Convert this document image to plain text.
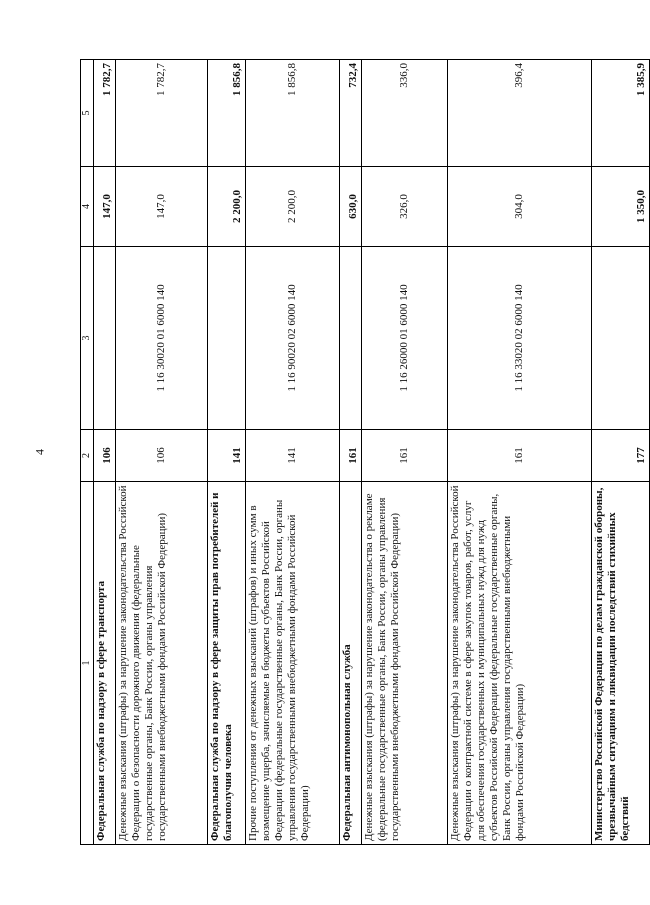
4
1	2	3	4	5
Федеральная служба по надзору в сфере транспорта	106		147,0	1 782,7
Денежные взыскания (штрафы) за нарушение законодательства Российской Федерации о безопасности дорожного движения (федеральные государственные органы, Банк России, органы управления государственными внебюджетными фондами Российской Федерации)	106	1 16 30020 01 6000 140	147,0	1 782,7
Федеральная служба по надзору в сфере защиты прав потребителей и благополучия человека	141		2 200,0	1 856,8
Прочие поступления от денежных взысканий (штрафов) и иных сумм в возмещение ущерба, зачисляемые в бюджеты субъектов Российской Федерации (федеральные государственные органы, Банк России, органы управления государственными внебюджетными фондами Российской Федерации)	141	1 16 90020 02 6000 140	2 200,0	1 856,8
Федеральная антимонопольная служба	161		630,0	732,4
Денежные взыскания (штрафы) за нарушение законодательства о рекламе (федеральные государственные органы, Банк России, органы управления государственными внебюджетными фондами Российской Федерации)	161	1 16 26000 01 6000 140	326,0	336,0
Денежные взыскания (штрафы) за нарушение законодательства Российской Федерации о контрактной системе в сфере закупок товаров, работ, услуг для обеспечения государственных и муниципальных нужд для нужд субъектов Российской Федерации (федеральные государственные органы, Банк России, органы управления государственными внебюджетными фондами Российской Федерации)	161	1 16 33020 02 6000 140	304,0	396,4
Министерство Российской Федерации по делам гражданской обороны, чрезвычайным ситуациям и ликвидации последствий стихийных бедствий	177		1 350,0	1 385,9
